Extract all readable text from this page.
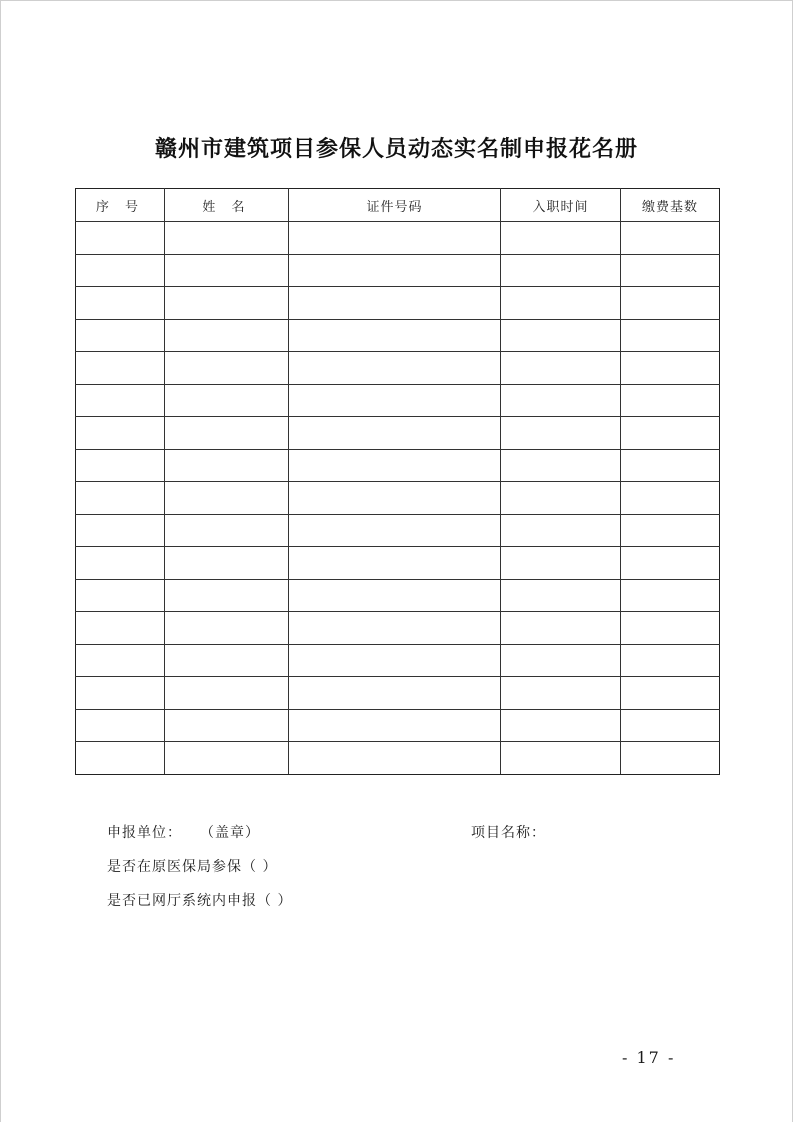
赣州市建筑项目参保人员动态实名制申报花名册
序 号	姓 名	证件号码	入职时间	缴费基数

申报单位： （盖章）	项目名称：
是否在原医保局参保（ ）
是否已网厅系统内申报（ ）
- 17 -
